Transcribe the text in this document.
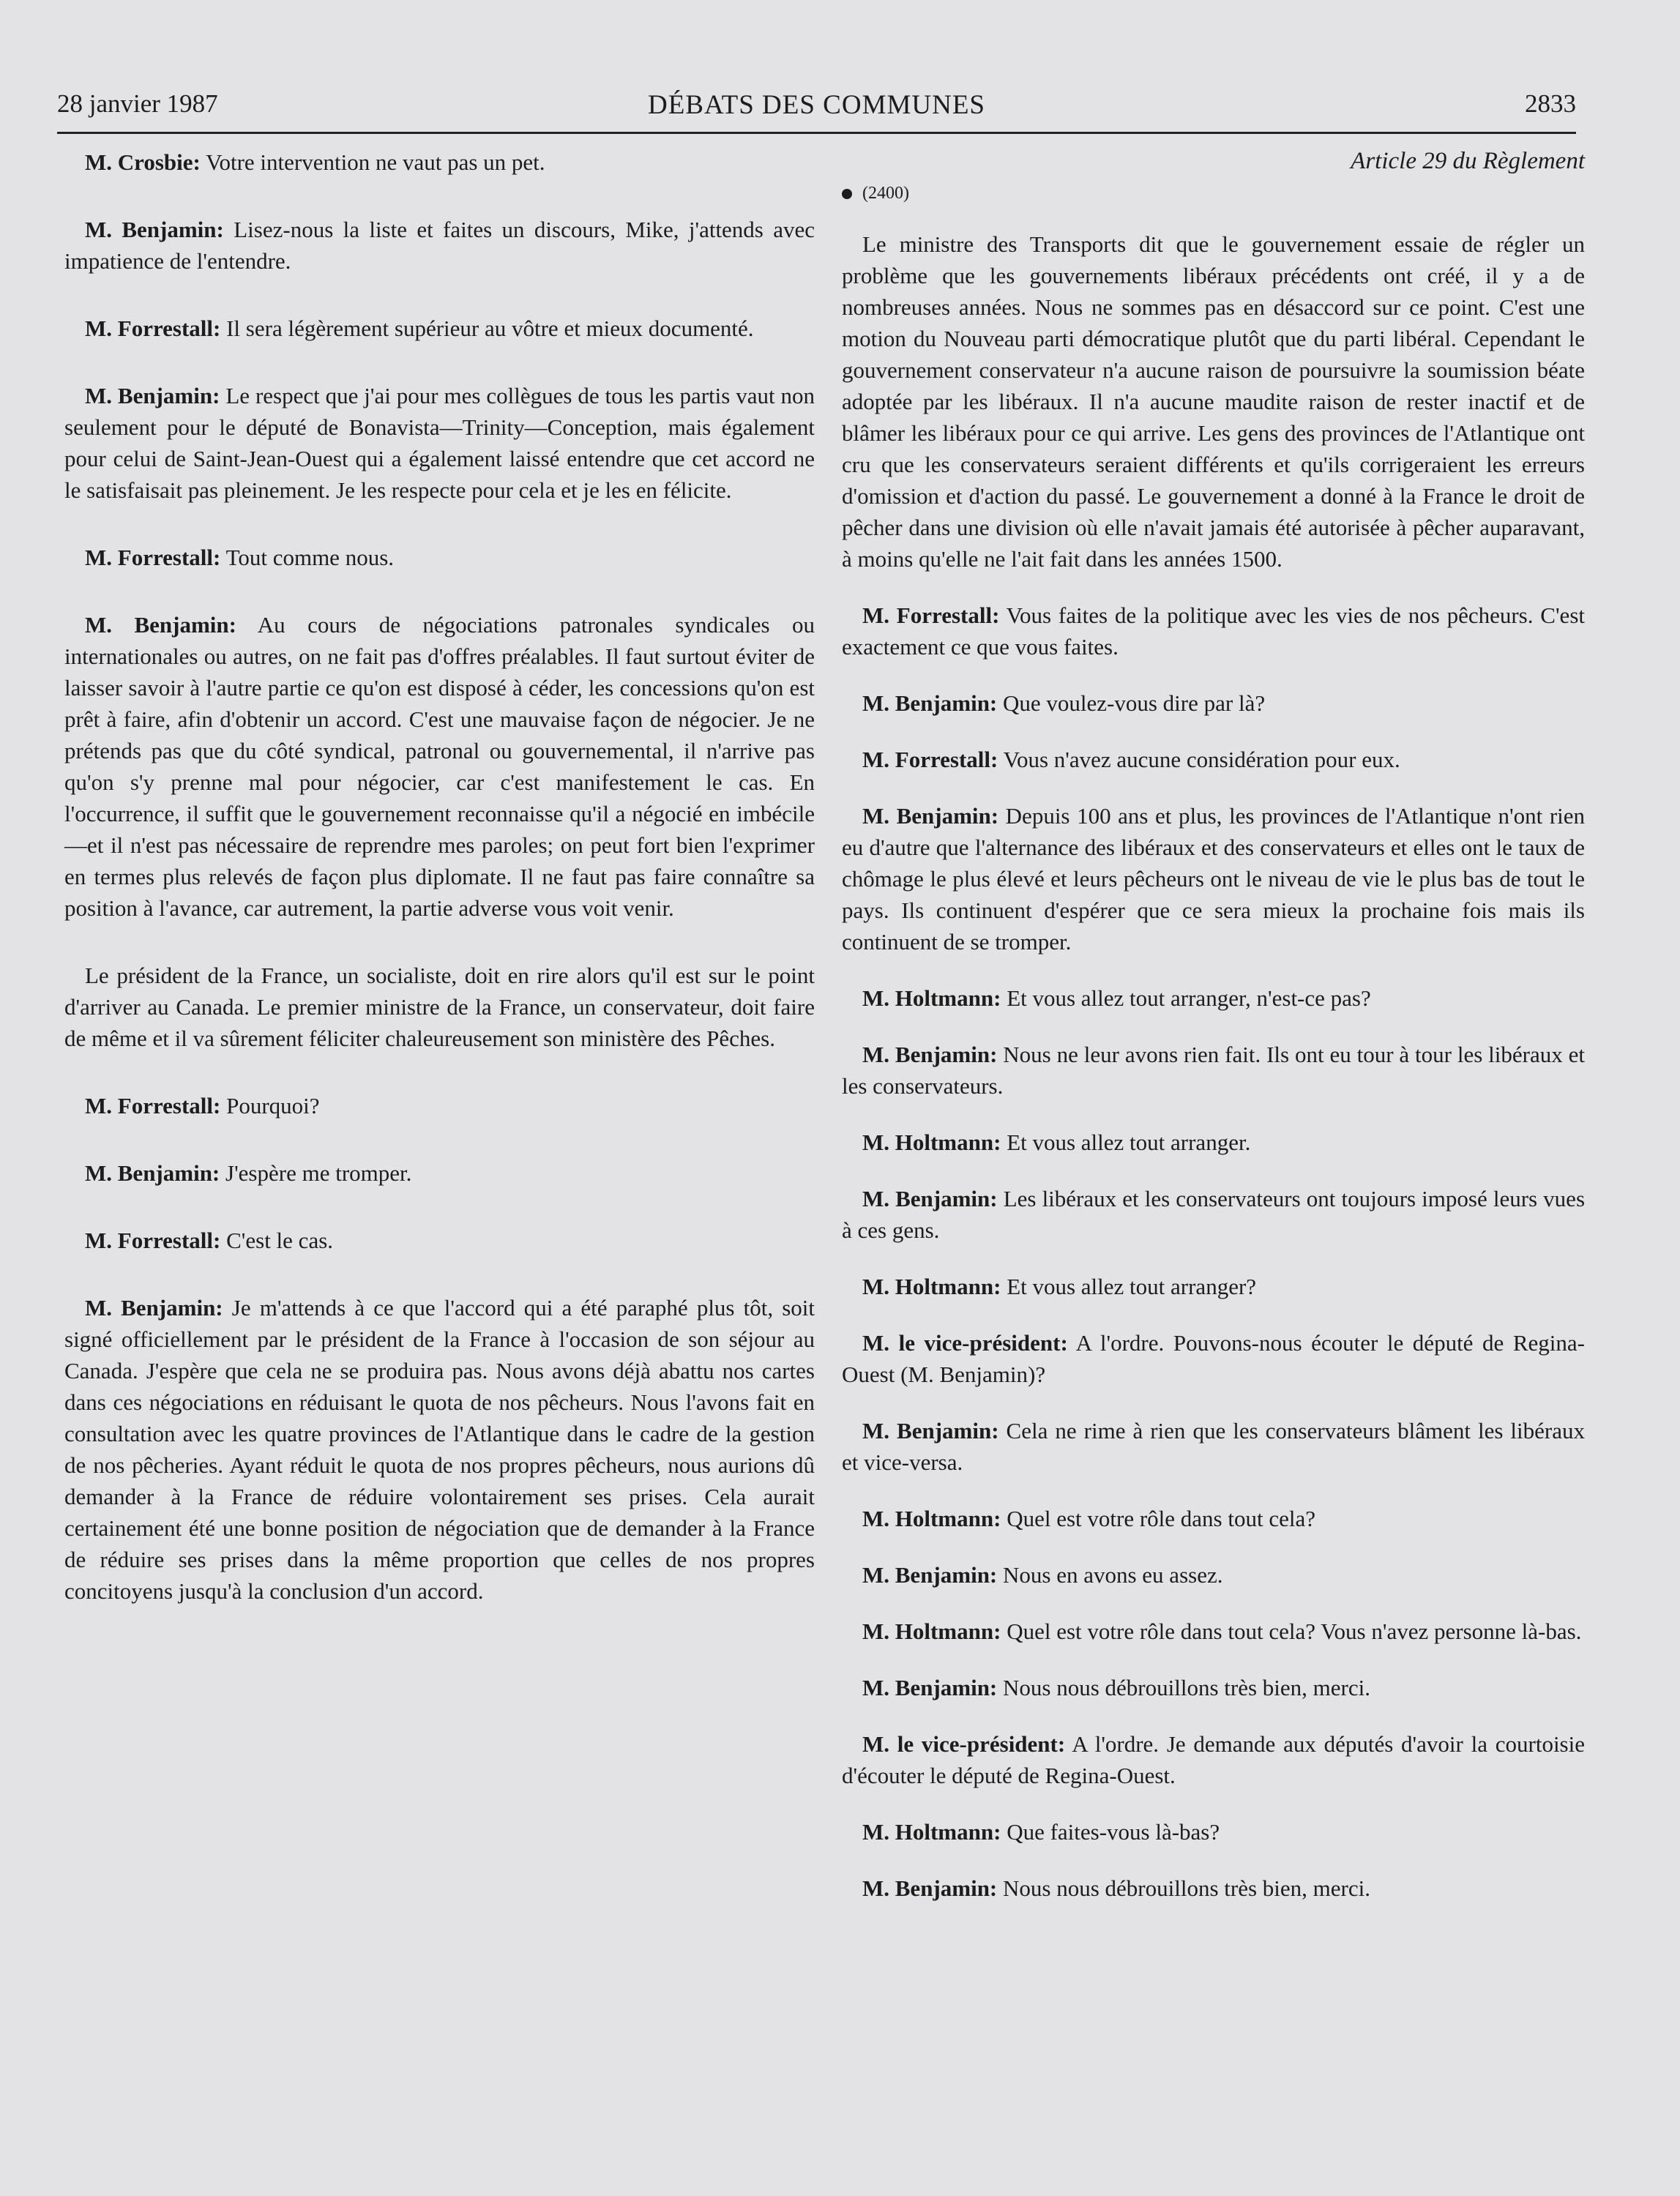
28 janvier 1987	DÉBATS DES COMMUNES	2833

M. Crosbie: Votre intervention ne vaut pas un pet.

M. Benjamin: Lisez-nous la liste et faites un discours, Mike, j'attends avec impatience de l'entendre.

M. Forrestall: Il sera légèrement supérieur au vôtre et mieux documenté.

M. Benjamin: Le respect que j'ai pour mes collègues de tous les partis vaut non seulement pour le député de Bonavista—Trinity—Conception, mais également pour celui de Saint-Jean-Ouest qui a également laissé entendre que cet accord ne le satisfaisait pas pleinement. Je les respecte pour cela et je les en félicite.

M. Forrestall: Tout comme nous.

M. Benjamin: Au cours de négociations patronales syndicales ou internationales ou autres, on ne fait pas d'offres préalables. Il faut surtout éviter de laisser savoir à l'autre partie ce qu'on est disposé à céder, les concessions qu'on est prêt à faire, afin d'obtenir un accord. C'est une mauvaise façon de négocier. Je ne prétends pas que du côté syndical, patronal ou gouvernemental, il n'arrive pas qu'on s'y prenne mal pour négocier, car c'est manifestement le cas. En l'occurrence, il suffit que le gouvernement reconnaisse qu'il a négocié en imbécile—et il n'est pas nécessaire de reprendre mes paroles; on peut fort bien l'exprimer en termes plus relevés de façon plus diplomate. Il ne faut pas faire connaître sa position à l'avance, car autrement, la partie adverse vous voit venir.

Le président de la France, un socialiste, doit en rire alors qu'il est sur le point d'arriver au Canada. Le premier ministre de la France, un conservateur, doit faire de même et il va sûrement féliciter chaleureusement son ministère des Pêches.

M. Forrestall: Pourquoi?

M. Benjamin: J'espère me tromper.

M. Forrestall: C'est le cas.

M. Benjamin: Je m'attends à ce que l'accord qui a été paraphé plus tôt, soit signé officiellement par le président de la France à l'occasion de son séjour au Canada. J'espère que cela ne se produira pas. Nous avons déjà abattu nos cartes dans ces négociations en réduisant le quota de nos pêcheurs. Nous l'avons fait en consultation avec les quatre provinces de l'Atlantique dans le cadre de la gestion de nos pêcheries. Ayant réduit le quota de nos propres pêcheurs, nous aurions dû demander à la France de réduire volontairement ses prises. Cela aurait certainement été une bonne position de négociation que de demander à la France de réduire ses prises dans la même proportion que celles de nos propres concitoyens jusqu'à la conclusion d'un accord.

Article 29 du Règlement
(2400)

Le ministre des Transports dit que le gouvernement essaie de régler un problème que les gouvernements libéraux précédents ont créé, il y a de nombreuses années. Nous ne sommes pas en désaccord sur ce point. C'est une motion du Nouveau parti démocratique plutôt que du parti libéral. Cependant le gouvernement conservateur n'a aucune raison de poursuivre la soumission béate adoptée par les libéraux. Il n'a aucune maudite raison de rester inactif et de blâmer les libéraux pour ce qui arrive. Les gens des provinces de l'Atlantique ont cru que les conservateurs seraient différents et qu'ils corrigeraient les erreurs d'omission et d'action du passé. Le gouvernement a donné à la France le droit de pêcher dans une division où elle n'avait jamais été autorisée à pêcher auparavant, à moins qu'elle ne l'ait fait dans les années 1500.

M. Forrestall: Vous faites de la politique avec les vies de nos pêcheurs. C'est exactement ce que vous faites.

M. Benjamin: Que voulez-vous dire par là?

M. Forrestall: Vous n'avez aucune considération pour eux.

M. Benjamin: Depuis 100 ans et plus, les provinces de l'Atlantique n'ont rien eu d'autre que l'alternance des libéraux et des conservateurs et elles ont le taux de chômage le plus élevé et leurs pêcheurs ont le niveau de vie le plus bas de tout le pays. Ils continuent d'espérer que ce sera mieux la prochaine fois mais ils continuent de se tromper.

M. Holtmann: Et vous allez tout arranger, n'est-ce pas?

M. Benjamin: Nous ne leur avons rien fait. Ils ont eu tour à tour les libéraux et les conservateurs.

M. Holtmann: Et vous allez tout arranger.

M. Benjamin: Les libéraux et les conservateurs ont toujours imposé leurs vues à ces gens.

M. Holtmann: Et vous allez tout arranger?

M. le vice-président: A l'ordre. Pouvons-nous écouter le député de Regina-Ouest (M. Benjamin)?

M. Benjamin: Cela ne rime à rien que les conservateurs blâment les libéraux et vice-versa.

M. Holtmann: Quel est votre rôle dans tout cela?

M. Benjamin: Nous en avons eu assez.

M. Holtmann: Quel est votre rôle dans tout cela? Vous n'avez personne là-bas.

M. Benjamin: Nous nous débrouillons très bien, merci.

M. le vice-président: A l'ordre. Je demande aux députés d'avoir la courtoisie d'écouter le député de Regina-Ouest.

M. Holtmann: Que faites-vous là-bas?

M. Benjamin: Nous nous débrouillons très bien, merci.
